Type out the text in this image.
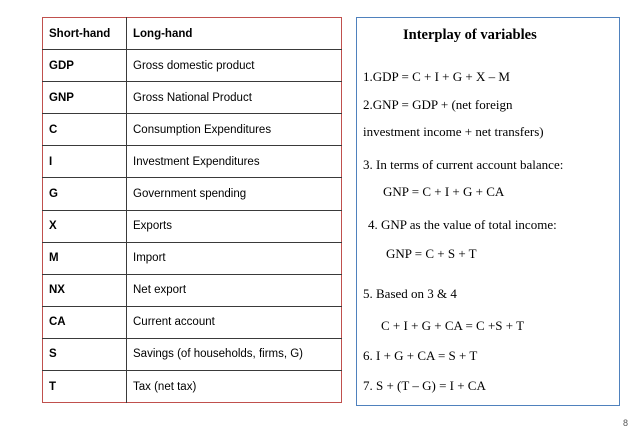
Short-hand	Long-hand
GDP	Gross domestic product
GNP	Gross National Product
C	Consumption Expenditures
I	Investment Expenditures
G	Government spending
X	Exports
M	Import
NX	Net export
CA	Current account
S	Savings (of households, firms, G)
T	Tax (net tax)
Interplay of variables
1.GDP = C + I + G + X – M
2.GNP = GDP + (net foreign
investment income + net transfers)
3. In terms of current account balance:
GNP = C + I + G + CA
4. GNP as the value of total income:
GNP = C + S + T
5. Based on 3 & 4
C + I + G + CA = C +S + T
6. I + G + CA = S + T
7. S + (T – G) = I + CA
8
